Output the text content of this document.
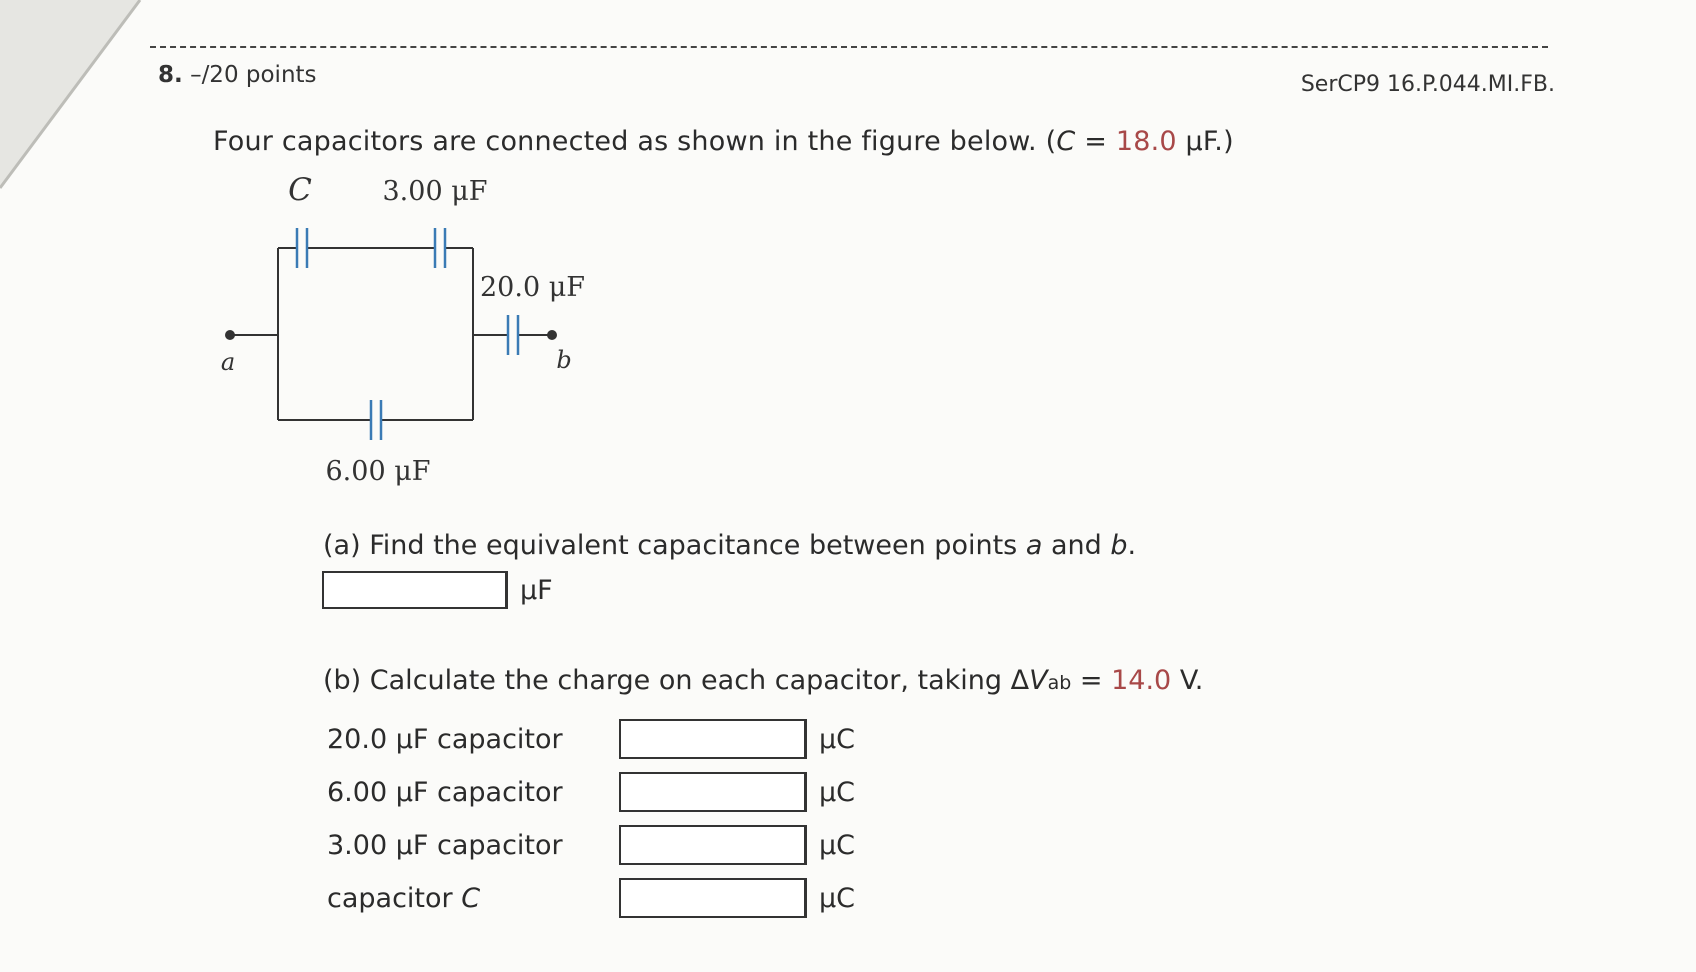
8. –/20 points	SerCP9 16.P.044.MI.FB.
Four capacitors are connected as shown in the figure below. (C = 18.0 μF.)
C	3.00 μF
20.0 μF
6.00 μF
a	b
(a) Find the equivalent capacitance between points a and b.
μF
(b) Calculate the charge on each capacitor, taking ΔVab = 14.0 V.
20.0 μF capacitor	μC
6.00 μF capacitor	μC
3.00 μF capacitor	μC
capacitor C	μC
